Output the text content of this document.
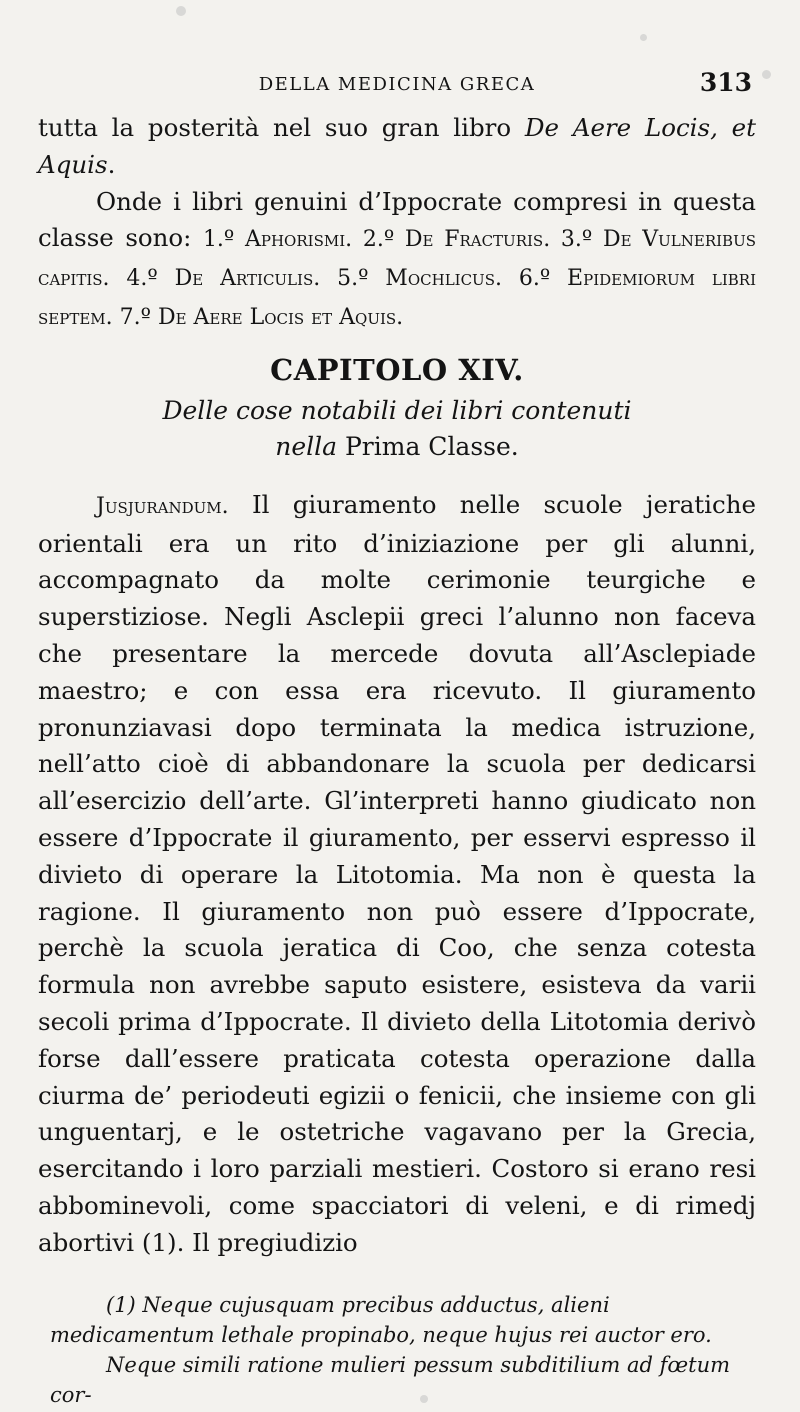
DELLA MEDICINA GRECA	313

tutta la posterità nel suo gran libro De Aere Locis, et Aquis.

Onde i libri genuini d’Ippocrate compresi in questa classe sono: 1.º Aphorismi. 2.º De Fracturis. 3.º De Vulneribus capitis. 4.º De Articulis. 5.º Mochlicus. 6.º Epidemiorum libri septem. 7.º De Aere Locis et Aquis.

CAPITOLO XIV.
Delle cose notabili dei libri contenuti
nella Prima Classe.

Jusjurandum. Il giuramento nelle scuole jeratiche orientali era un rito d’iniziazione per gli alunni, accompagnato da molte cerimonie teurgiche e superstiziose. Negli Asclepii greci l’alunno non faceva che presentare la mercede dovuta all’Asclepiade maestro; e con essa era ricevuto. Il giuramento pronunziavasi dopo terminata la medica istruzione, nell’atto cioè di abbandonare la scuola per dedicarsi all’esercizio dell’arte. Gl’interpreti hanno giudicato non essere d’Ippocrate il giuramento, per esservi espresso il divieto di operare la Litotomia. Ma non è questa la ragione. Il giuramento non può essere d’Ippocrate, perchè la scuola jeratica di Coo, che senza cotesta formula non avrebbe saputo esistere, esisteva da varii secoli prima d’Ippocrate. Il divieto della Litotomia derivò forse dall’essere praticata cotesta operazione dalla ciurma de’ periodeuti egizii o fenicii, che insieme con gli unguentarj, e le ostetriche vagavano per la Grecia, esercitando i loro parziali mestieri. Costoro si erano resi abbominevoli, come spacciatori di veleni, e di rimedj abortivi (1). Il pregiudizio

(1) Neque cujusquam precibus adductus, alieni medicamentum lethale propinabo, neque hujus rei auctor ero.

Neque simili ratione mulieri pessum subditilium ad fœtum cor-
